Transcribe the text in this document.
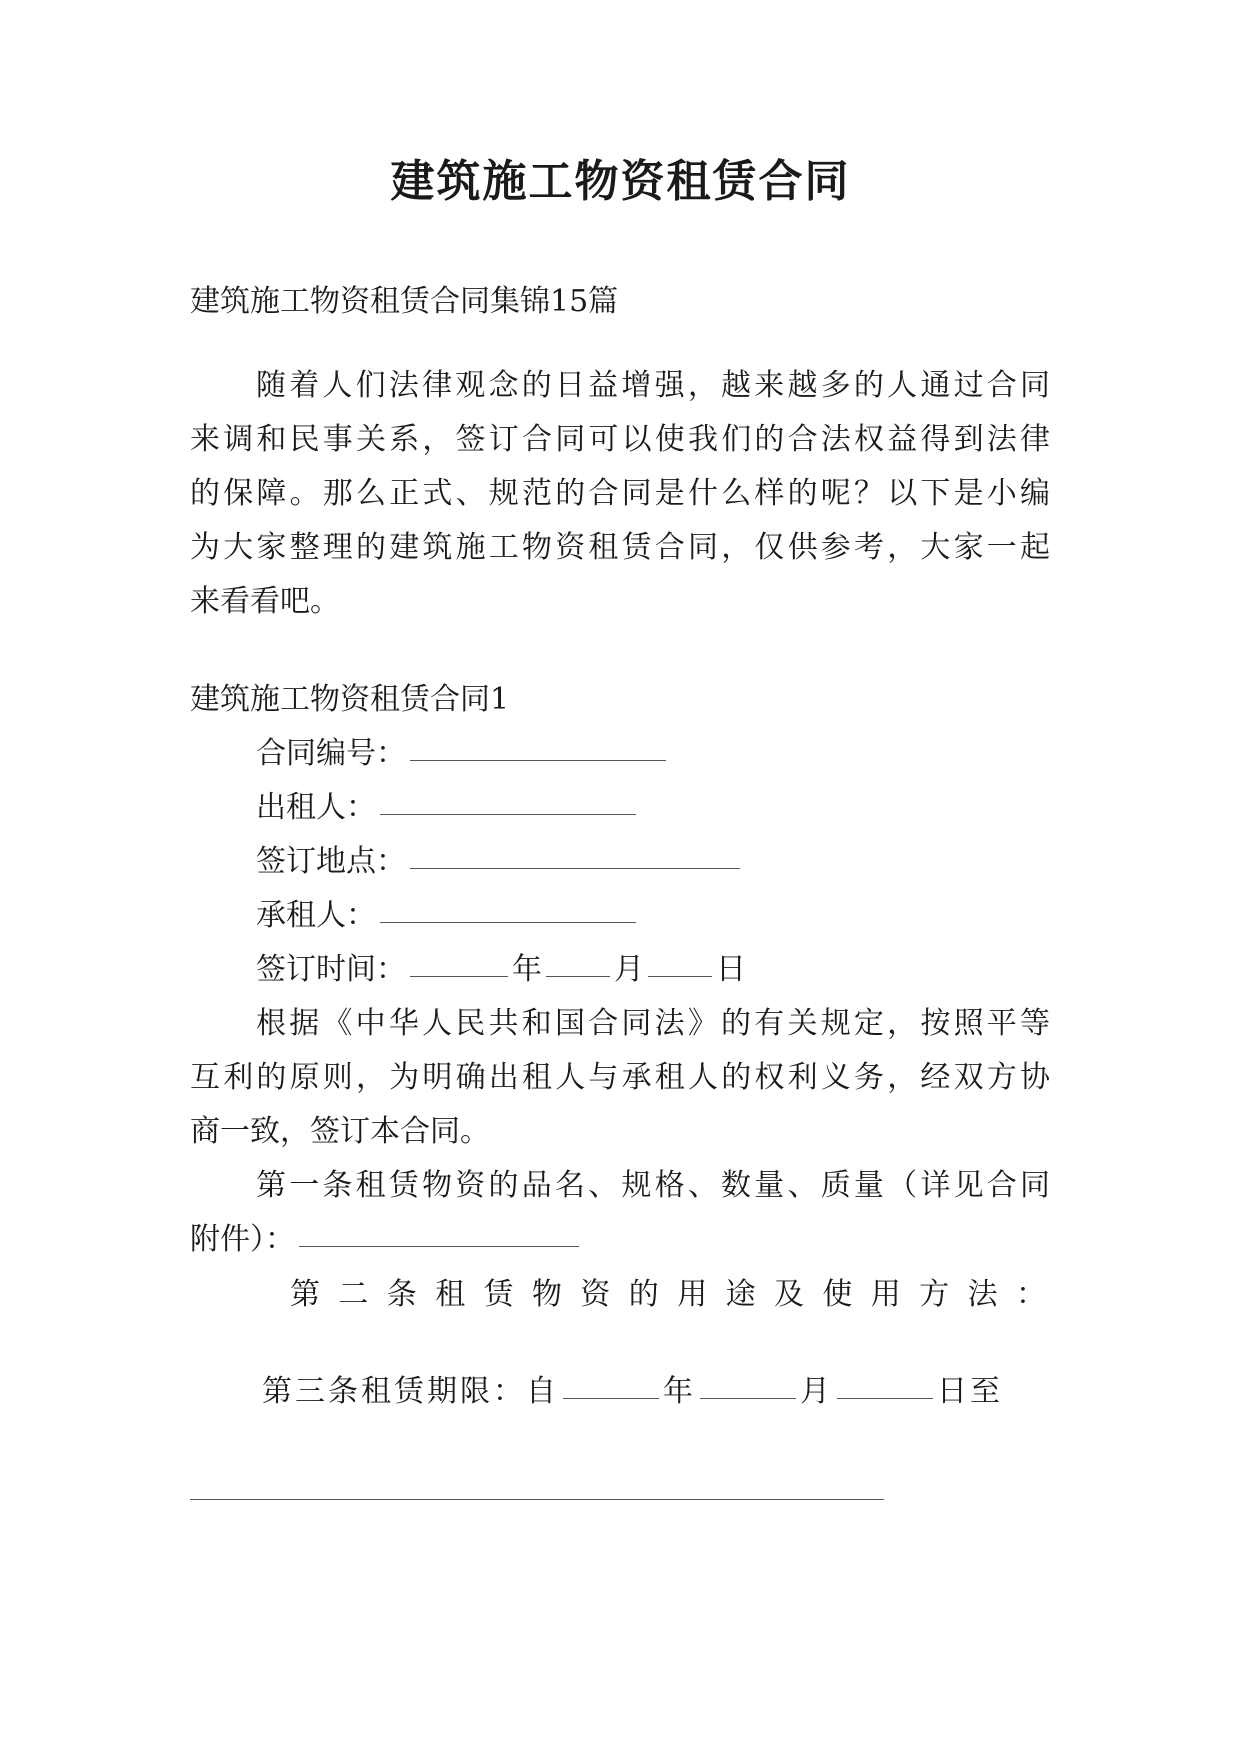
建筑施工物资租赁合同
建筑施工物资租赁合同集锦15篇
随着人们法律观念的日益增强，越来越多的人通过合同
来调和民事关系，签订合同可以使我们的合法权益得到法律
的保障。那么正式、规范的合同是什么样的呢？以下是小编
为大家整理的建筑施工物资租赁合同，仅供参考，大家一起
来看看吧。
建筑施工物资租赁合同1
合同编号：
出租人：
签订地点：
承租人：
签订时间：	年 月 日
根据《中华人民共和国合同法》的有关规定，按照平等
互利的原则，为明确出租人与承租人的权利义务，经双方协
商一致，签订本合同。
第一条租赁物资的品名、规格、数量、质量（详见合同
附件）：
第二条租赁物资的用途及使用方法：
第三条租赁期限：自	年	月	日至
